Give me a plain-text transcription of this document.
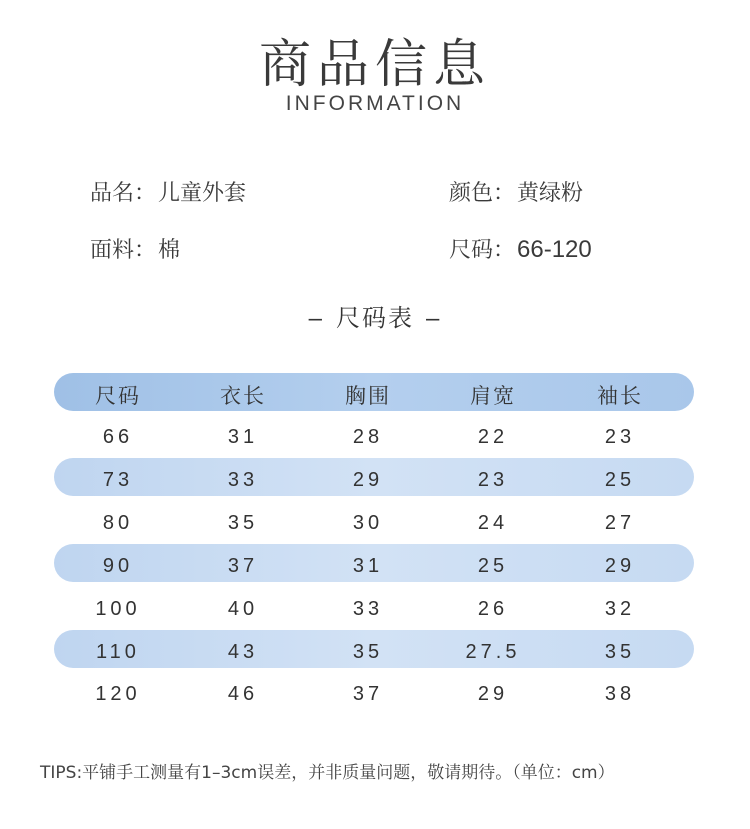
商品信息
INFORMATION
品名：儿童外套	颜色：黄绿粉
面料：棉	尺码：66-120
– 尺码表 –
尺码	衣长	胸围	肩宽	袖长
66	31	28	22	23
73	33	29	23	25
80	35	30	24	27
90	37	31	25	29
100	40	33	26	32
110	43	35	27.5	35
120	46	37	29	38
TIPS:平铺手工测量有1–3cm误差，并非质量问题，敬请期待。（单位：cm）
